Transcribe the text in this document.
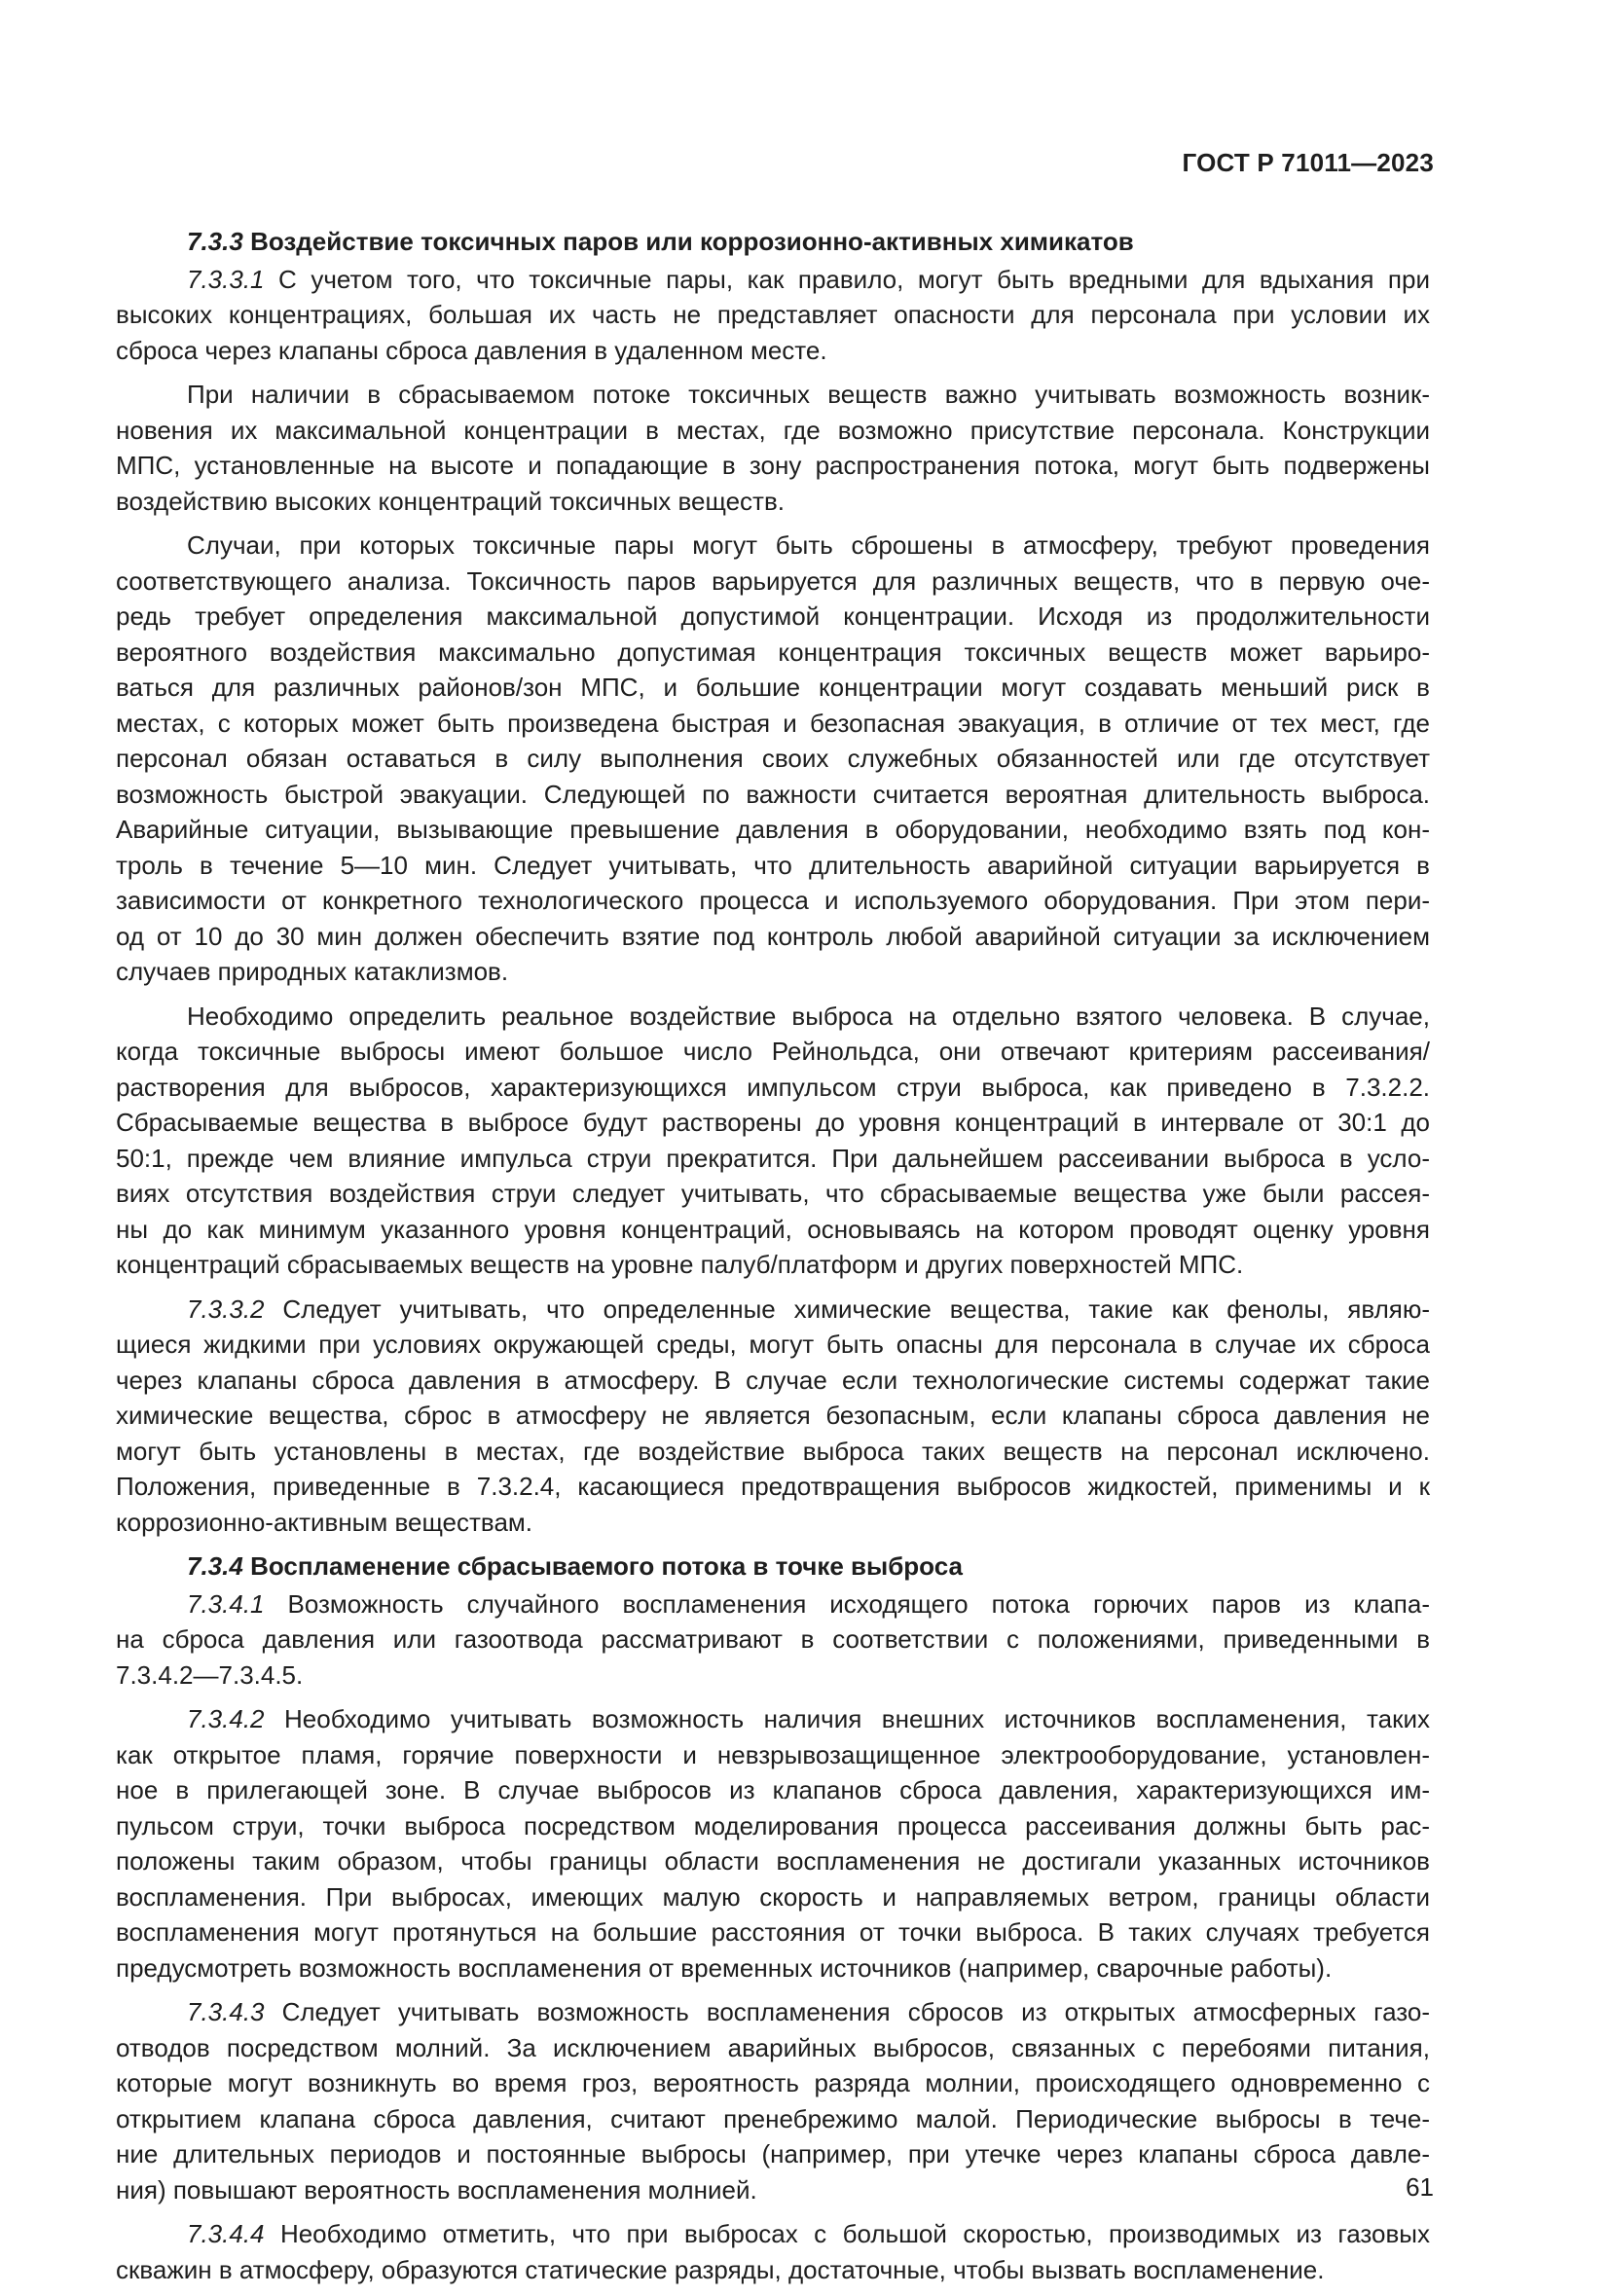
ГОСТ Р 71011—2023
7.3.3 Воздействие токсичных паров или коррозионно-активных химикатов
7.3.3.1 С учетом того, что токсичные пары, как правило, могут быть вредными для вдыхания при
высоких концентрациях, большая их часть не представляет опасности для персонала при условии их
сброса через клапаны сброса давления в удаленном месте.
При наличии в сбрасываемом потоке токсичных веществ важно учитывать возможность возник-
новения их максимальной концентрации в местах, где возможно присутствие персонала. Конструкции
МПС, установленные на высоте и попадающие в зону распространения потока, могут быть подвержены
воздействию высоких концентраций токсичных веществ.
Случаи, при которых токсичные пары могут быть сброшены в атмосферу, требуют проведения
соответствующего анализа. Токсичность паров варьируется для различных веществ, что в первую оче-
редь требует определения максимальной допустимой концентрации. Исходя из продолжительности
вероятного воздействия максимально допустимая концентрация токсичных веществ может варьиро-
ваться для различных районов/зон МПС, и большие концентрации могут создавать меньший риск в
местах, с которых может быть произведена быстрая и безопасная эвакуация, в отличие от тех мест, где
персонал обязан оставаться в силу выполнения своих служебных обязанностей или где отсутствует
возможность быстрой эвакуации. Следующей по важности считается вероятная длительность выброса.
Аварийные ситуации, вызывающие превышение давления в оборудовании, необходимо взять под кон-
троль в течение 5—10 мин. Следует учитывать, что длительность аварийной ситуации варьируется в
зависимости от конкретного технологического процесса и используемого оборудования. При этом пери-
од от 10 до 30 мин должен обеспечить взятие под контроль любой аварийной ситуации за исключением
случаев природных катаклизмов.
Необходимо определить реальное воздействие выброса на отдельно взятого человека. В случае,
когда токсичные выбросы имеют большое число Рейнольдса, они отвечают критериям рассеивания/
растворения для выбросов, характеризующихся импульсом струи выброса, как приведено в 7.3.2.2.
Сбрасываемые вещества в выбросе будут растворены до уровня концентраций в интервале от 30:1 до
50:1, прежде чем влияние импульса струи прекратится. При дальнейшем рассеивании выброса в усло-
виях отсутствия воздействия струи следует учитывать, что сбрасываемые вещества уже были рассея-
ны до как минимум указанного уровня концентраций, основываясь на котором проводят оценку уровня
концентраций сбрасываемых веществ на уровне палуб/платформ и других поверхностей МПС.
7.3.3.2 Следует учитывать, что определенные химические вещества, такие как фенолы, являю-
щиеся жидкими при условиях окружающей среды, могут быть опасны для персонала в случае их сброса
через клапаны сброса давления в атмосферу. В случае если технологические системы содержат такие
химические вещества, сброс в атмосферу не является безопасным, если клапаны сброса давления не
могут быть установлены в местах, где воздействие выброса таких веществ на персонал исключено.
Положения, приведенные в 7.3.2.4, касающиеся предотвращения выбросов жидкостей, применимы и к
коррозионно-активным веществам.
7.3.4 Воспламенение сбрасываемого потока в точке выброса
7.3.4.1 Возможность случайного воспламенения исходящего потока горючих паров из клапа-
на сброса давления или газоотвода рассматривают в соответствии с положениями, приведенными в
7.3.4.2—7.3.4.5.
7.3.4.2 Необходимо учитывать возможность наличия внешних источников воспламенения, таких
как открытое пламя, горячие поверхности и невзрывозащищенное электрооборудование, установлен-
ное в прилегающей зоне. В случае выбросов из клапанов сброса давления, характеризующихся им-
пульсом струи, точки выброса посредством моделирования процесса рассеивания должны быть рас-
положены таким образом, чтобы границы области воспламенения не достигали указанных источников
воспламенения. При выбросах, имеющих малую скорость и направляемых ветром, границы области
воспламенения могут протянуться на большие расстояния от точки выброса. В таких случаях требуется
предусмотреть возможность воспламенения от временных источников (например, сварочные работы).
7.3.4.3 Следует учитывать возможность воспламенения сбросов из открытых атмосферных газо-
отводов посредством молний. За исключением аварийных выбросов, связанных с перебоями питания,
которые могут возникнуть во время гроз, вероятность разряда молнии, происходящего одновременно с
открытием клапана сброса давления, считают пренебрежимо малой. Периодические выбросы в тече-
ние длительных периодов и постоянные выбросы (например, при утечке через клапаны сброса давле-
ния) повышают вероятность воспламенения молнией.
7.3.4.4 Необходимо отметить, что при выбросах с большой скоростью, производимых из газовых
скважин в атмосферу, образуются статические разряды, достаточные, чтобы вызвать воспламенение.
61
